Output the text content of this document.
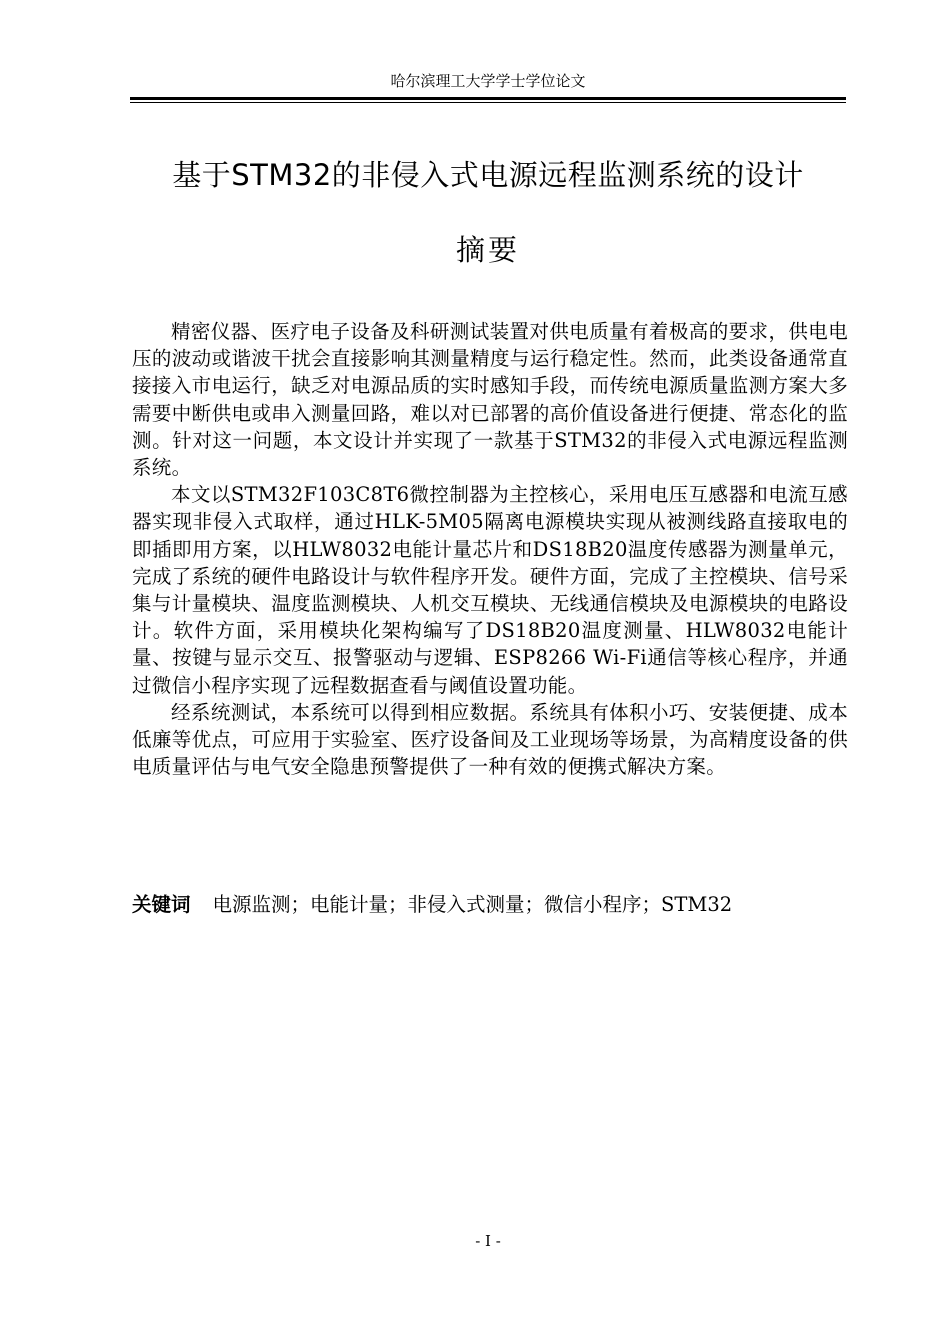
哈尔滨理工大学学士学位论文
基于STM32的非侵入式电源远程监测系统的设计
摘要

精密仪器、医疗电子设备及科研测试装置对供电质量有着极高的要求，供电电压的波动或谐波干扰会直接影响其测量精度与运行稳定性。然而，此类设备通常直接接入市电运行，缺乏对电源品质的实时感知手段，而传统电源质量监测方案大多需要中断供电或串入测量回路，难以对已部署的高价值设备进行便捷、常态化的监测。针对这一问题，本文设计并实现了一款基于STM32的非侵入式电源远程监测系统。

本文以STM32F103C8T6微控制器为主控核心，采用电压互感器和电流互感器实现非侵入式取样，通过HLK-5M05隔离电源模块实现从被测线路直接取电的即插即用方案，以HLW8032电能计量芯片和DS18B20温度传感器为测量单元，完成了系统的硬件电路设计与软件程序开发。硬件方面，完成了主控模块、信号采集与计量模块、温度监测模块、人机交互模块、无线通信模块及电源模块的电路设计。软件方面，采用模块化架构编写了DS18B20温度测量、HLW8032电能计量、按键与显示交互、报警驱动与逻辑、ESP8266 Wi-Fi通信等核心程序，并通过微信小程序实现了远程数据查看与阈值设置功能。

经系统测试，本系统可以得到相应数据。系统具有体积小巧、安装便捷、成本低廉等优点，可应用于实验室、医疗设备间及工业现场等场景，为高精度设备的供电质量评估与电气安全隐患预警提供了一种有效的便携式解决方案。

关键词 电源监测；电能计量；非侵入式测量；微信小程序；STM32
- I -
